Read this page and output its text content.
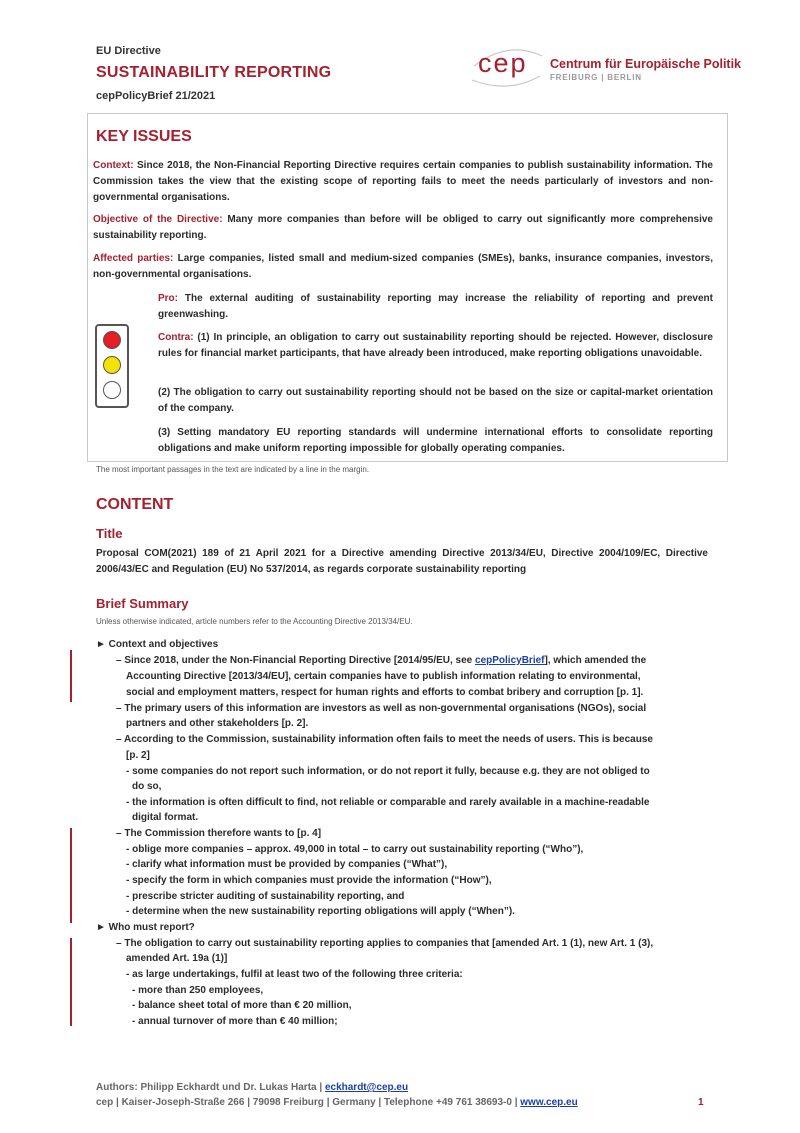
EU Directive
SUSTAINABILITY REPORTING
cepPolicyBrief 21/2021
cep Centrum für Europäische Politik
FREIBURG | BERLIN
KEY ISSUES

Context: Since 2018, the Non-Financial Reporting Directive requires certain companies to publish sustainability information. The Commission takes the view that the existing scope of reporting fails to meet the needs particularly of investors and non-governmental organisations.

Objective of the Directive: Many more companies than before will be obliged to carry out significantly more comprehensive sustainability reporting.

Affected parties: Large companies, listed small and medium-sized companies (SMEs), banks, insurance companies, investors, non-governmental organisations.

Pro: The external auditing of sustainability reporting may increase the reliability of reporting and prevent greenwashing.

Contra: (1) In principle, an obligation to carry out sustainability reporting should be rejected. However, disclosure rules for financial market participants, that have already been introduced, make reporting obligations unavoidable.

(2) The obligation to carry out sustainability reporting should not be based on the size or capital-market orientation of the company.

(3) Setting mandatory EU reporting standards will undermine international efforts to consolidate reporting obligations and make uniform reporting impossible for globally operating companies.

The most important passages in the text are indicated by a line in the margin.
CONTENT
Title
Proposal COM(2021) 189 of 21 April 2021 for a Directive amending Directive 2013/34/EU, Directive 2004/109/EC, Directive 2006/43/EC and Regulation (EU) No 537/2014, as regards corporate sustainability reporting
Brief Summary
Unless otherwise indicated, article numbers refer to the Accounting Directive 2013/34/EU.
► Context and objectives
– Since 2018, under the Non-Financial Reporting Directive [2014/95/EU, see cepPolicyBrief], which amended the
Accounting Directive [2013/34/EU], certain companies have to publish information relating to environmental,
social and employment matters, respect for human rights and efforts to combat bribery and corruption [p. 1].
– The primary users of this information are investors as well as non-governmental organisations (NGOs), social
partners and other stakeholders [p. 2].
– According to the Commission, sustainability information often fails to meet the needs of users. This is because
[p. 2]
- some companies do not report such information, or do not report it fully, because e.g. they are not obliged to
do so,
- the information is often difficult to find, not reliable or comparable and rarely available in a machine-readable
digital format.
– The Commission therefore wants to [p. 4]
- oblige more companies – approx. 49,000 in total – to carry out sustainability reporting (“Who”),
- clarify what information must be provided by companies (“What”),
- specify the form in which companies must provide the information (“How”),
- prescribe stricter auditing of sustainability reporting, and
- determine when the new sustainability reporting obligations will apply (“When”).
► Who must report?
– The obligation to carry out sustainability reporting applies to companies that [amended Art. 1 (1), new Art. 1 (3),
amended Art. 19a (1)]
- as large undertakings, fulfil at least two of the following three criteria:
- more than 250 employees,
- balance sheet total of more than € 20 million,
- annual turnover of more than € 40 million;
Authors: Philipp Eckhardt und Dr. Lukas Harta | eckhardt@cep.eu
cep | Kaiser-Joseph-Straße 266 | 79098 Freiburg | Germany | Telephone +49 761 38693-0 | www.cep.eu	1
